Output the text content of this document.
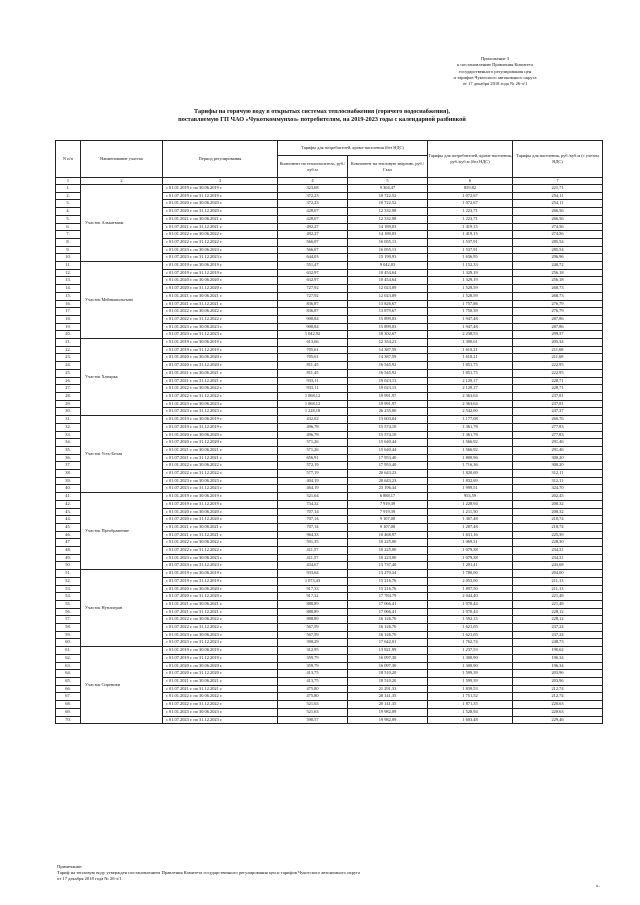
Приложение 3
к постановлению Правления Комитета
государственного регулирования цен
и тарифов Чукотского автономного округа
от 17 декабря 2018 года № 26-э/1
Тарифы на горячую воду в открытых системах теплоснабжения (горячего водоснабжения),
поставляемую ГП ЧАО «Чукоткоммунхоз» потребителям, на 2019-2023 годы с календарной разбивкой
N п/п	Наименование участка	Период регулирования	Тарифы для потребителей, кроме населения (без НДС)		Тарифы для потребителей, кроме населения, руб./куб.м (без НДС)	Тарифы для населения, руб./куб.м (с учетом НДС)
			Компонент на теплоноситель, руб./куб.м	Компонент на тепловую энергию, руб./Гкал		
1	2	3	4	5	6	7
1.	Участок Алькатваам	с 01.01.2019 г. по 30.06.2019 г.	323,68	9 304,47	859,82	221,71
2.		с 01.07.2019 г. по 31.12.2019 г.	372,23	10 722,52	1 072,67	254,11
3.		с 01.01.2020 г. по 30.06.2020 г.	372,23	10 722,52	1 072,67	254,11
4.		с 01.07.2020 г. по 31.12.2020 г.	428,07	12 332,98	1 223,71	266,56
5.		с 01.01.2021 г. по 30.06.2021 г.	428,07	12 332,98	1 223,71	266,56
6.		с 01.07.2021 г. по 31.12.2021 г.	492,27	14 189,03	1 419,15	274,56
7.		с 01.01.2022 г. по 30.06.2022 г.	492,27	14 189,03	1 419,15	274,56
8.		с 01.07.2022 г. по 31.12.2022 г.	566,07	16 055,13	1 537,91	285,54
9.		с 01.01.2023 г. по 30.06.2023 г.	566,07	16 055,13	1 537,91	285,54
10.		с 01.07.2023 г. по 31.12.2023 г.	644,03	15 199,93	1 636,95	296,96
11.	Участок Мейныпильгыно	с 01.01.2019 г. по 30.06.2019 г.	551,47	9 042,03	1 152,33	240,72
12.		с 01.07.2019 г. по 31.12.2019 г.	632,97	10 454,64	1 329,19	256,18
13.		с 01.01.2020 г. по 30.06.2020 г.	632,97	10 454,64	1 329,19	256,18
14.		с 01.07.2020 г. по 31.12.2020 г.	727,92	12 023,09	1 528,59	268,73
15.		с 01.01.2021 г. по 30.06.2021 г.	727,92	12 023,09	1 528,59	268,73
16.		с 01.07.2021 г. по 31.12.2021 г.	836,87	13 826,67	1 757,86	276,79
17.		с 01.01.2022 г. по 30.06.2022 г.	836,87	13 879,67	1 750,39	276,79
18.		с 01.07.2022 г. по 31.12.2022 г.	908,84	15 899,03	1 947,48	287,86
19.		с 01.01.2023 г. по 30.06.2023 г.	908,84	15 899,03	1 947,48	287,86
20.		с 01.07.2023 г. по 31.12.2023 г.	1 042,92	18 302,67	2 238,53	299,37
21.	Участок Хатырка	с 01.01.2019 г. по 30.06.2019 г.	613,66	12 354,21	1 390,61	205,34
22.		с 01.07.2019 г. по 31.12.2019 г.	705,61	14 387,59	1 610,21	211,68
23.		с 01.01.2020 г. по 30.06.2020 г.	705,61	14 387,59	1 610,21	211,68
24.		с 01.07.2020 г. по 31.12.2020 г.	811,45	16 545,92	1 851,75	222,95
25.		с 01.01.2021 г. по 30.06.2021 г.	811,45	16 545,92	1 851,75	222,95
26.		с 01.07.2021 г. по 31.12.2021 г.	933,11	19 023,13	2 129,17	228,71
27.		с 01.01.2022 г. по 30.06.2022 г.	933,11	19 023,13	2 129,17	228,71
28.		с 01.07.2022 г. по 31.12.2022 г.	1 068,12	19 991,97	2 363,64	237,81
29.		с 01.01.2023 г. по 30.06.2023 г.	1 068,12	19 991,97	2 363,64	237,81
30.		с 01.07.2023 г. по 31.12.2023 г.	1 228,18	26 235,06	2 542,00	247,37
31.	Участок Усть-Белая	с 01.01.2019 г. по 30.06.2019 г.	432,02	13 603,04	1 177,08	260,76
32.		с 01.07.2019 г. по 31.12.2019 г.	496,78	15 574,10	1 361,78	277,83
33.		с 01.01.2020 г. по 30.06.2020 г.	496,78	15 574,10	1 361,78	277,83
34.		с 01.07.2020 г. по 31.12.2020 г.	571,26	15 640,44	1 566,92	291,46
35.		с 01.01.2021 г. по 30.06.2021 г.	571,26	15 640,44	1 566,92	291,46
36.		с 01.07.2021 г. по 31.12.2021 г.	656,91	17 953,40	1 800,96	300,20
37.		с 01.01.2022 г. по 30.06.2022 г.	572,19	17 953,40	1 716,36	300,20
38.		с 01.07.2022 г. по 31.12.2022 г.	577,19	20 643,23	1 820,69	312,11
39.		с 01.01.2023 г. по 30.06.2023 г.	404,19	20 643,23	1 832,69	312,11
40.		с 01.07.2023 г. по 31.12.2023 г.	464,19	23 196,34	1 999,51	324,70
41.	Участок Преображение	с 01.01.2019 г. по 30.06.2019 г.	521,64	6 888,17	953,59	202,45
42.		с 01.07.2019 г. по 31.12.2019 г.	734,32	7 919,39	1 228,94	208,32
43.		с 01.01.2020 г. по 30.06.2020 г.	707,14	7 919,39	1 211,50	208,32
44.		с 01.07.2020 г. по 31.12.2020 г.	707,14	9 107,08	1 367,48	218,74
45.		с 01.01.2021 г. по 30.06.2021 г.	707,14	9 107,08	1 287,48	218,74
46.		с 01.07.2021 г. по 31.12.2021 г.	964,33	10 468,97	1 631,16	225,39
47.		с 01.01.2022 г. по 30.06.2022 г.	591,35	10 225,00	1 069,31	228,30
48.		с 01.07.2022 г. по 31.12.2022 г.	411,57	10 225,00	1 079,38	234,31
49.		с 01.01.2023 г. по 30.06.2023 г.	411,57	10 223,00	1 079,38	234,31
50.		с 01.07.2023 г. по 31.12.2023 г.	434,67	13 737,40	1 201,41	243,68
51.	Участок Нунлигран	с 01.01.2019 г. по 30.06.2019 г.	933,64	13 270,34	1 780,00	204,00
52.		с 01.07.2019 г. по 31.12.2019 г.	1 073,43	15 216,76	2 053,00	211,13
53.		с 01.01.2020 г. по 30.06.2020 г.	917,33	15 216,76	1 897,50	211,13
54.		с 01.07.2020 г. по 31.12.2020 г.	917,32	17 784,79	2 044,40	221,48
55.		с 01.01.2021 г. по 30.06.2021 г.	888,89	17 066,41	1 970,44	221,48
56.		с 01.07.2021 г. по 31.12.2021 г.	888,89	17 066,41	1 970,44	228,12
57.		с 01.01.2022 г. по 30.06.2022 г.	888,89	16 126,70	1 592,15	228,12
58.		с 01.07.2022 г. по 31.12.2022 г.	567,59	16 126,70	1 621,05	237,24
59.		с 01.01.2023 г. по 30.06.2023 г.	567,59	16 126,70	1 621,05	237,24
60.		с 01.07.2023 г. по 31.12.2023 г.	390,29	17 642,01	1 762,74	248,73
61.	Участок Сиреники	с 01.01.2019 г. по 30.06.2019 г.	312,95	13 821,99	1 237,53	190,62
62.		с 01.07.2019 г. по 31.12.2019 г.	359,79	16 097,30	1 300,90	196,34
63.		с 01.01.2020 г. по 30.06.2020 г.	359,79	16 097,30	1 300,90	196,34
64.		с 01.07.2020 г. по 31.12.2020 г.	413,75	18 510,20	1 599,39	203,96
65.		с 01.01.2021 г. по 30.06.2021 г.	413,75	18 510,20	1 599,39	203,96
66.		с 01.07.2021 г. по 31.12.2021 г.	475,80	21 291,33	1 839,53	212,74
67.		с 01.01.2022 г. по 30.06.2022 г.	475,80	20 141,35	1 751,52	212,74
68.		с 01.07.2022 г. по 31.12.2022 г.	521,63	20 141,35	1 871,35	220,63
69.		с 01.01.2023 г. по 30.06.2023 г.	521,63	19 982,09	1 528,94	220,63
70.		с 01.07.2023 г. по 31.12.2023 г.	598,57	19 982,09	1 603,48	229,46
Примечание:
Тариф на тепловую воду утвержден постановлением Правления Комитета государственного регулирования цен и тарифов Чукотского автономного округа
от 17 декабря 2018 года № 26-э/1.
».
